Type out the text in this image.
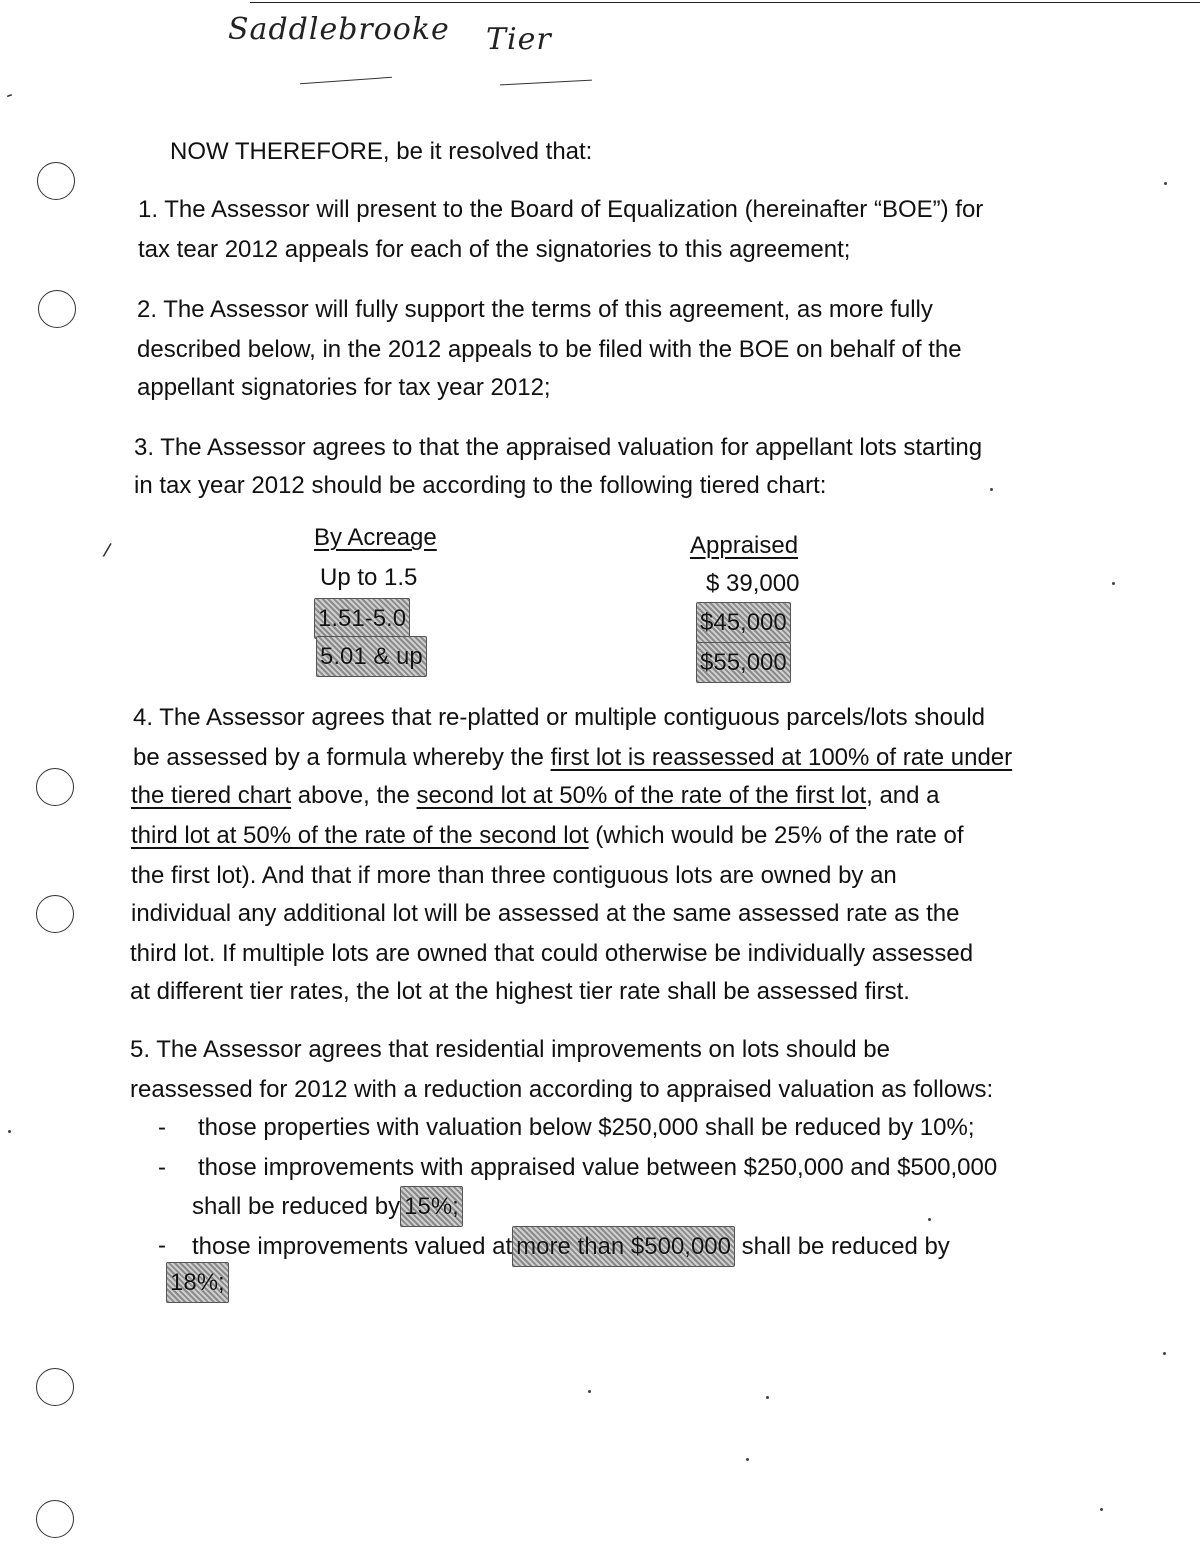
Saddlebrooke Tier
‐
/
NOW THEREFORE, be it resolved that:
1. The Assessor will present to the Board of Equalization (hereinafter “BOE”) for
tax tear 2012 appeals for each of the signatories to this agreement;
2. The Assessor will fully support the terms of this agreement, as more fully
described below, in the 2012 appeals to be filed with the BOE on behalf of the
appellant signatories for tax year 2012;
3. The Assessor agrees to that the appraised valuation for appellant lots starting
in tax year 2012 should be according to the following tiered chart:
By Acreage	Appraised
Up to 1.5	$ 39,000
1.51-5.0	$45,000
5.01 & up	$55,000
4. The Assessor agrees that re-platted or multiple contiguous parcels/lots should
be assessed by a formula whereby the first lot is reassessed at 100% of rate under
the tiered chart above, the second lot at 50% of the rate of the first lot, and a
third lot at 50% of the rate of the second lot (which would be 25% of the rate of
the first lot). And that if more than three contiguous lots are owned by an
individual any additional lot will be assessed at the same assessed rate as the
third lot. If multiple lots are owned that could otherwise be individually assessed
at different tier rates, the lot at the highest tier rate shall be assessed first.
5. The Assessor agrees that residential improvements on lots should be
reassessed for 2012 with a reduction according to appraised valuation as follows:
- those properties with valuation below $250,000 shall be reduced by 10%;
- those improvements with appraised value between $250,000 and $500,000
shall be reduced by 15%;
- those improvements valued at more than $500,000 shall be reduced by
18%;
